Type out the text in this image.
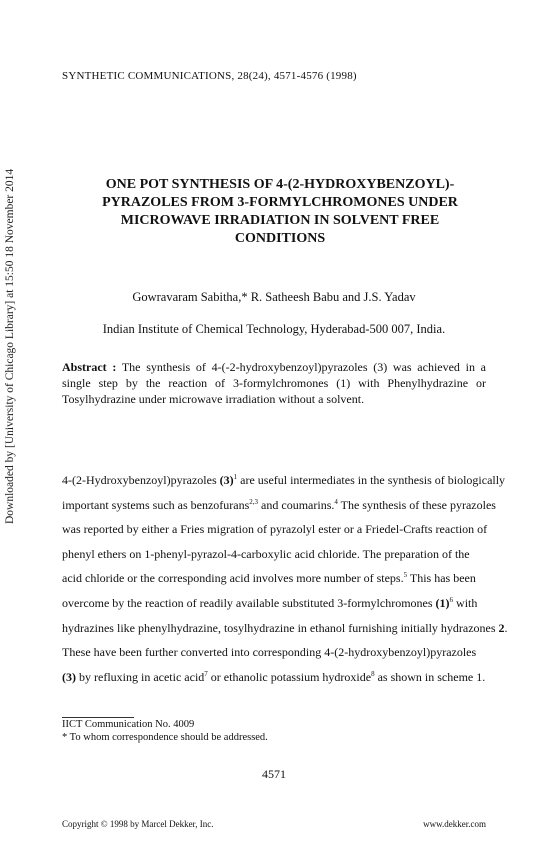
Downloaded by [University of Chicago Library] at 15:50 18 November 2014
SYNTHETIC COMMUNICATIONS, 28(24), 4571-4576 (1998)
ONE POT SYNTHESIS OF 4-(2-HYDROXYBENZOYL)-
PYRAZOLES FROM 3-FORMYLCHROMONES UNDER
MICROWAVE IRRADIATION IN SOLVENT FREE
CONDITIONS
Gowravaram Sabitha,* R. Satheesh Babu and J.S. Yadav
Indian Institute of Chemical Technology, Hyderabad-500 007, India.
Abstract : The synthesis of 4-(-2-hydroxybenzoyl)pyrazoles (3) was achieved in a single step by the reaction of 3-formylchromones (1) with Phenylhydrazine or Tosylhydrazine under microwave irradiation without a solvent.
4-(2-Hydroxybenzoyl)pyrazoles $(3)^1$ are useful intermediates in the synthesis of biologically
important systems such as benzofurans$^{2,3}$ and coumarins.$^4$ The synthesis of these pyrazoles
was reported by either a Fries migration of pyrazolyl ester or a Friedel-Crafts reaction of
phenyl ethers on 1-phenyl-pyrazol-4-carboxylic acid chloride. The preparation of the
acid chloride or the corresponding acid involves more number of steps.$^5$ This has been
overcome by the reaction of readily available substituted 3-formylchromones $(1)^6$ with
hydrazines like phenylhydrazine, tosylhydrazine in ethanol furnishing initially hydrazones 2.
These have been further converted into corresponding 4-(2-hydroxybenzoyl)pyrazoles
(3) by refluxing in acetic acid$^7$ or ethanolic potassium hydroxide$^8$ as shown in scheme 1.
IICT Communication No. 4009
* To whom correspondence should be addressed.
4571
Copyright © 1998 by Marcel Dekker, Inc.	www.dekker.com
